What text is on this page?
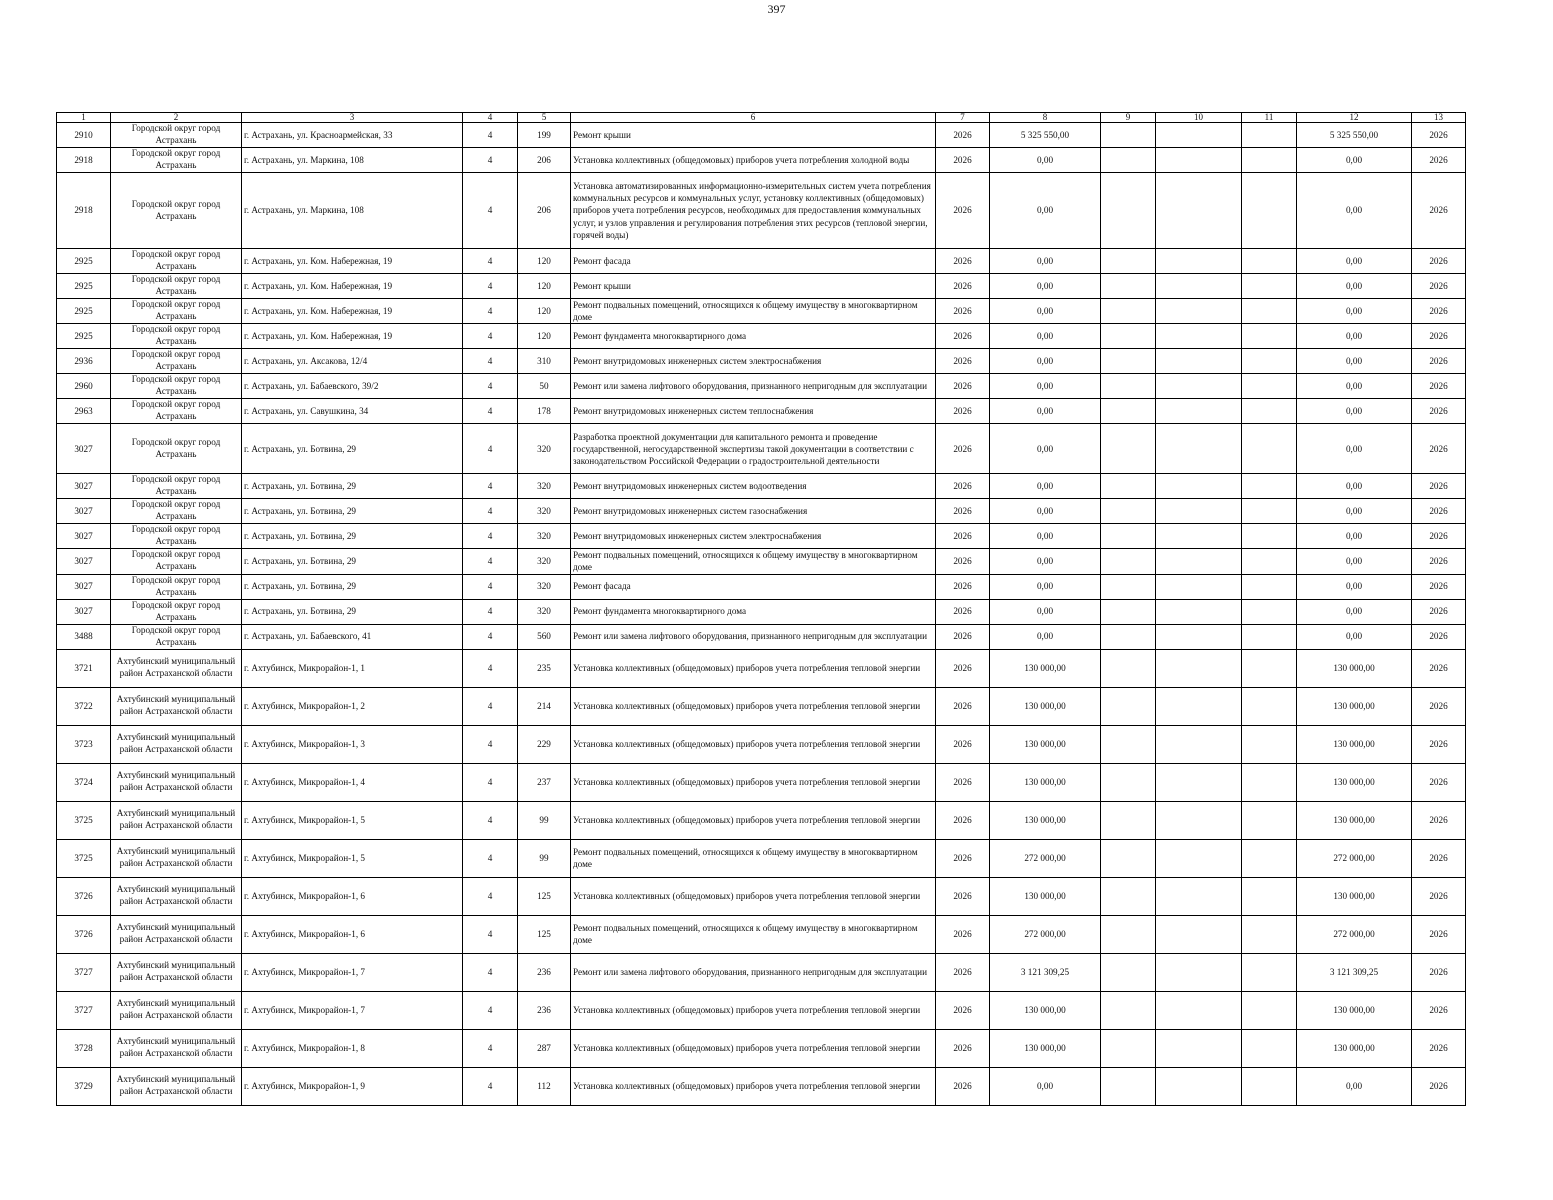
397
1	2	3	4	5	6	7	8	9	10	11	12	13
2910	Городской округ город Астрахань	г. Астрахань, ул. Красноармейская, 33	4	199	Ремонт крыши	2026	5 325 550,00				5 325 550,00	2026
2918	Городской округ город Астрахань	г. Астрахань, ул. Маркина, 108	4	206	Установка коллективных (общедомовых) приборов учета потребления холодной воды	2026	0,00				0,00	2026
2918	Городской округ город Астрахань	г. Астрахань, ул. Маркина, 108	4	206	Установка автоматизированных информационно-измерительных систем учета потребления коммунальных ресурсов и коммунальных услуг, установку коллективных (общедомовых) приборов учета потребления ресурсов, необходимых для предоставления коммунальных услуг, и узлов управления и регулирования потребления этих ресурсов (тепловой энергии, горячей воды)	2026	0,00				0,00	2026
2925	Городской округ город Астрахань	г. Астрахань, ул. Ком. Набережная, 19	4	120	Ремонт фасада	2026	0,00				0,00	2026
2925	Городской округ город Астрахань	г. Астрахань, ул. Ком. Набережная, 19	4	120	Ремонт крыши	2026	0,00				0,00	2026
2925	Городской округ город Астрахань	г. Астрахань, ул. Ком. Набережная, 19	4	120	Ремонт подвальных помещений, относящихся к общему имуществу в многоквартирном доме	2026	0,00				0,00	2026
2925	Городской округ город Астрахань	г. Астрахань, ул. Ком. Набережная, 19	4	120	Ремонт фундамента многоквартирного дома	2026	0,00				0,00	2026
2936	Городской округ город Астрахань	г. Астрахань, ул. Аксакова, 12/4	4	310	Ремонт внутридомовых инженерных систем электроснабжения	2026	0,00				0,00	2026
2960	Городской округ город Астрахань	г. Астрахань, ул. Бабаевского, 39/2	4	50	Ремонт или замена лифтового оборудования, признанного непригодным для эксплуатации	2026	0,00				0,00	2026
2963	Городской округ город Астрахань	г. Астрахань, ул. Савушкина, 34	4	178	Ремонт внутридомовых инженерных систем теплоснабжения	2026	0,00				0,00	2026
3027	Городской округ город Астрахань	г. Астрахань, ул. Ботвина, 29	4	320	Разработка проектной документации для капитального ремонта и проведение государственной, негосударственной экспертизы такой документации в соответствии с законодательством Российской Федерации о градостроительной деятельности	2026	0,00				0,00	2026
3027	Городской округ город Астрахань	г. Астрахань, ул. Ботвина, 29	4	320	Ремонт внутридомовых инженерных систем водоотведения	2026	0,00				0,00	2026
3027	Городской округ город Астрахань	г. Астрахань, ул. Ботвина, 29	4	320	Ремонт внутридомовых инженерных систем газоснабжения	2026	0,00				0,00	2026
3027	Городской округ город Астрахань	г. Астрахань, ул. Ботвина, 29	4	320	Ремонт внутридомовых инженерных систем электроснабжения	2026	0,00				0,00	2026
3027	Городской округ город Астрахань	г. Астрахань, ул. Ботвина, 29	4	320	Ремонт подвальных помещений, относящихся к общему имуществу в многоквартирном доме	2026	0,00				0,00	2026
3027	Городской округ город Астрахань	г. Астрахань, ул. Ботвина, 29	4	320	Ремонт фасада	2026	0,00				0,00	2026
3027	Городской округ город Астрахань	г. Астрахань, ул. Ботвина, 29	4	320	Ремонт фундамента многоквартирного дома	2026	0,00				0,00	2026
3488	Городской округ город Астрахань	г. Астрахань, ул. Бабаевского, 41	4	560	Ремонт или замена лифтового оборудования, признанного непригодным для эксплуатации	2026	0,00				0,00	2026
3721	Ахтубинский муниципальный район Астраханской области	г. Ахтубинск, Микрорайон-1, 1	4	235	Установка коллективных (общедомовых) приборов учета потребления тепловой энергии	2026	130 000,00				130 000,00	2026
3722	Ахтубинский муниципальный район Астраханской области	г. Ахтубинск, Микрорайон-1, 2	4	214	Установка коллективных (общедомовых) приборов учета потребления тепловой энергии	2026	130 000,00				130 000,00	2026
3723	Ахтубинский муниципальный район Астраханской области	г. Ахтубинск, Микрорайон-1, 3	4	229	Установка коллективных (общедомовых) приборов учета потребления тепловой энергии	2026	130 000,00				130 000,00	2026
3724	Ахтубинский муниципальный район Астраханской области	г. Ахтубинск, Микрорайон-1, 4	4	237	Установка коллективных (общедомовых) приборов учета потребления тепловой энергии	2026	130 000,00				130 000,00	2026
3725	Ахтубинский муниципальный район Астраханской области	г. Ахтубинск, Микрорайон-1, 5	4	99	Установка коллективных (общедомовых) приборов учета потребления тепловой энергии	2026	130 000,00				130 000,00	2026
3725	Ахтубинский муниципальный район Астраханской области	г. Ахтубинск, Микрорайон-1, 5	4	99	Ремонт подвальных помещений, относящихся к общему имуществу в многоквартирном доме	2026	272 000,00				272 000,00	2026
3726	Ахтубинский муниципальный район Астраханской области	г. Ахтубинск, Микрорайон-1, 6	4	125	Установка коллективных (общедомовых) приборов учета потребления тепловой энергии	2026	130 000,00				130 000,00	2026
3726	Ахтубинский муниципальный район Астраханской области	г. Ахтубинск, Микрорайон-1, 6	4	125	Ремонт подвальных помещений, относящихся к общему имуществу в многоквартирном доме	2026	272 000,00				272 000,00	2026
3727	Ахтубинский муниципальный район Астраханской области	г. Ахтубинск, Микрорайон-1, 7	4	236	Ремонт или замена лифтового оборудования, признанного непригодным для эксплуатации	2026	3 121 309,25				3 121 309,25	2026
3727	Ахтубинский муниципальный район Астраханской области	г. Ахтубинск, Микрорайон-1, 7	4	236	Установка коллективных (общедомовых) приборов учета потребления тепловой энергии	2026	130 000,00				130 000,00	2026
3728	Ахтубинский муниципальный район Астраханской области	г. Ахтубинск, Микрорайон-1, 8	4	287	Установка коллективных (общедомовых) приборов учета потребления тепловой энергии	2026	130 000,00				130 000,00	2026
3729	Ахтубинский муниципальный район Астраханской области	г. Ахтубинск, Микрорайон-1, 9	4	112	Установка коллективных (общедомовых) приборов учета потребления тепловой энергии	2026	0,00				0,00	2026
